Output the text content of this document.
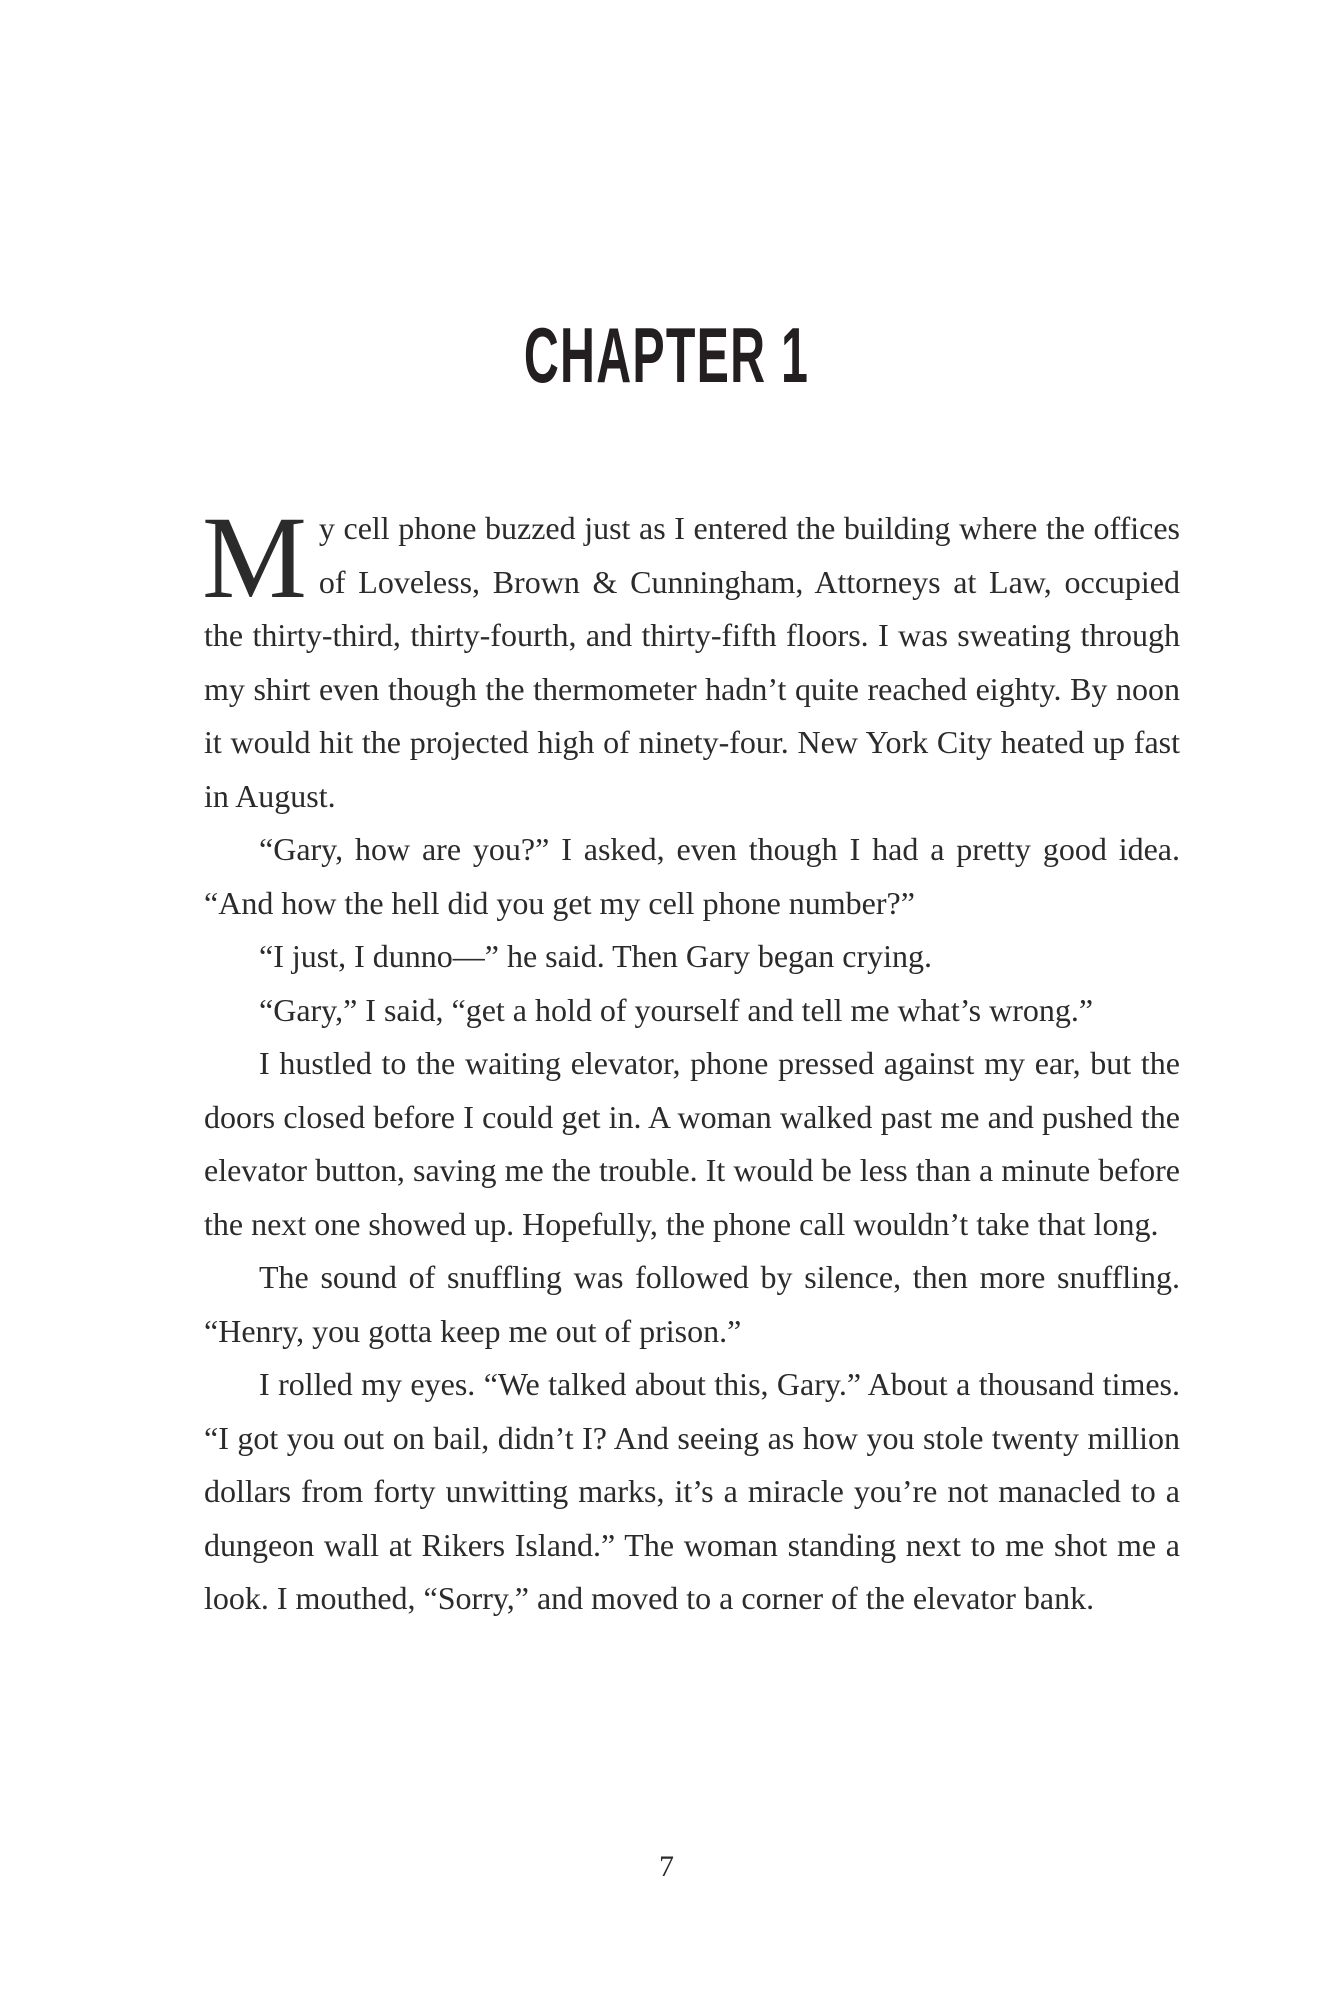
CHAPTER 1

My cell phone buzzed just as I entered the building where the offices of Loveless, Brown & Cunningham, Attorneys at Law, occupied the thirty-third, thirty-fourth, and thirty-fifth floors. I was sweating through my shirt even though the thermometer hadn’t quite reached eighty. By noon it would hit the projected high of ninety-four. New York City heated up fast in August.

“Gary, how are you?” I asked, even though I had a pretty good idea. “And how the hell did you get my cell phone number?”

“I just, I dunno—” he said. Then Gary began crying.

“Gary,” I said, “get a hold of yourself and tell me what’s wrong.”

I hustled to the waiting elevator, phone pressed against my ear, but the doors closed before I could get in. A woman walked past me and pushed the elevator button, saving me the trouble. It would be less than a minute before the next one showed up. Hopefully, the phone call wouldn’t take that long.

The sound of snuffling was followed by silence, then more snuffling. “Henry, you gotta keep me out of prison.”

I rolled my eyes. “We talked about this, Gary.” About a thousand times. “I got you out on bail, didn’t I? And seeing as how you stole twenty million dollars from forty unwitting marks, it’s a miracle you’re not manacled to a dungeon wall at Rikers Island.” The woman standing next to me shot me a look. I mouthed, “Sorry,” and moved to a corner of the elevator bank.

7
